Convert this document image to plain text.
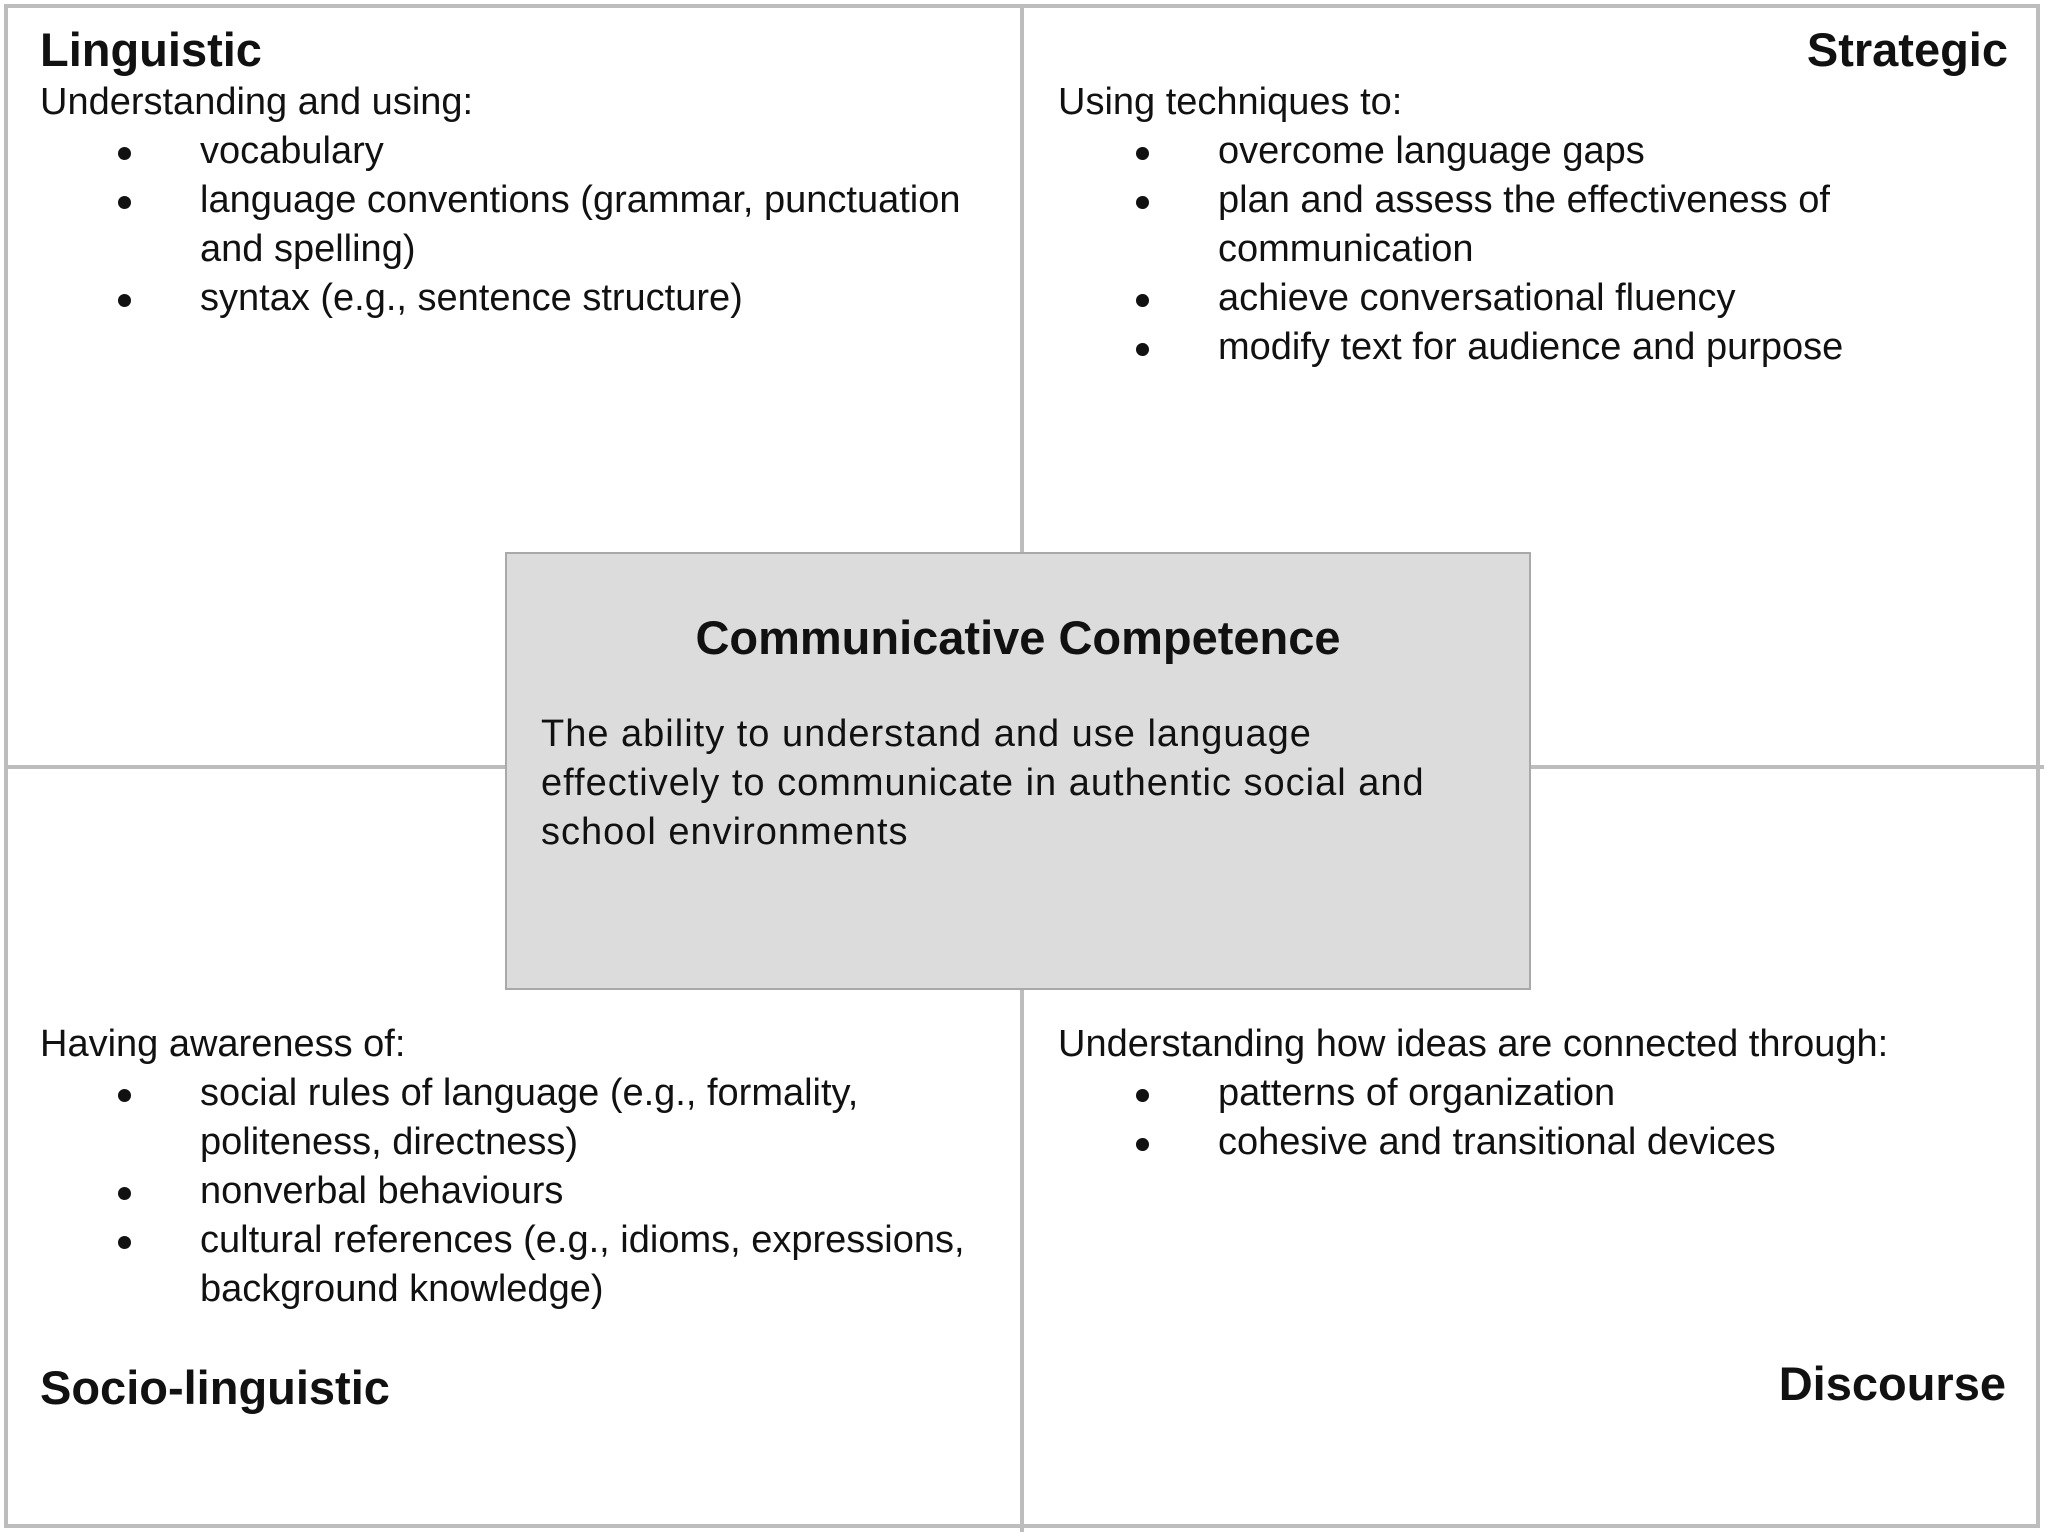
Linguistic

Understanding and using:

vocabulary
language conventions (grammar, punctuation and spelling)
syntax (e.g., sentence structure)
Strategic

Using techniques to:

overcome language gaps
plan and assess the effectiveness of communication
achieve conversational fluency
modify text for audience and purpose

Having awareness of:

social rules of language (e.g., formality, politeness, directness)
nonverbal behaviours
cultural references (e.g., idioms, expressions, background knowledge)
Socio-linguistic

Understanding how ideas are connected through:

patterns of organization
cohesive and transitional devices
Discourse
Communicative Competence
The ability to understand and use language effectively to communicate in authentic social and school environments
